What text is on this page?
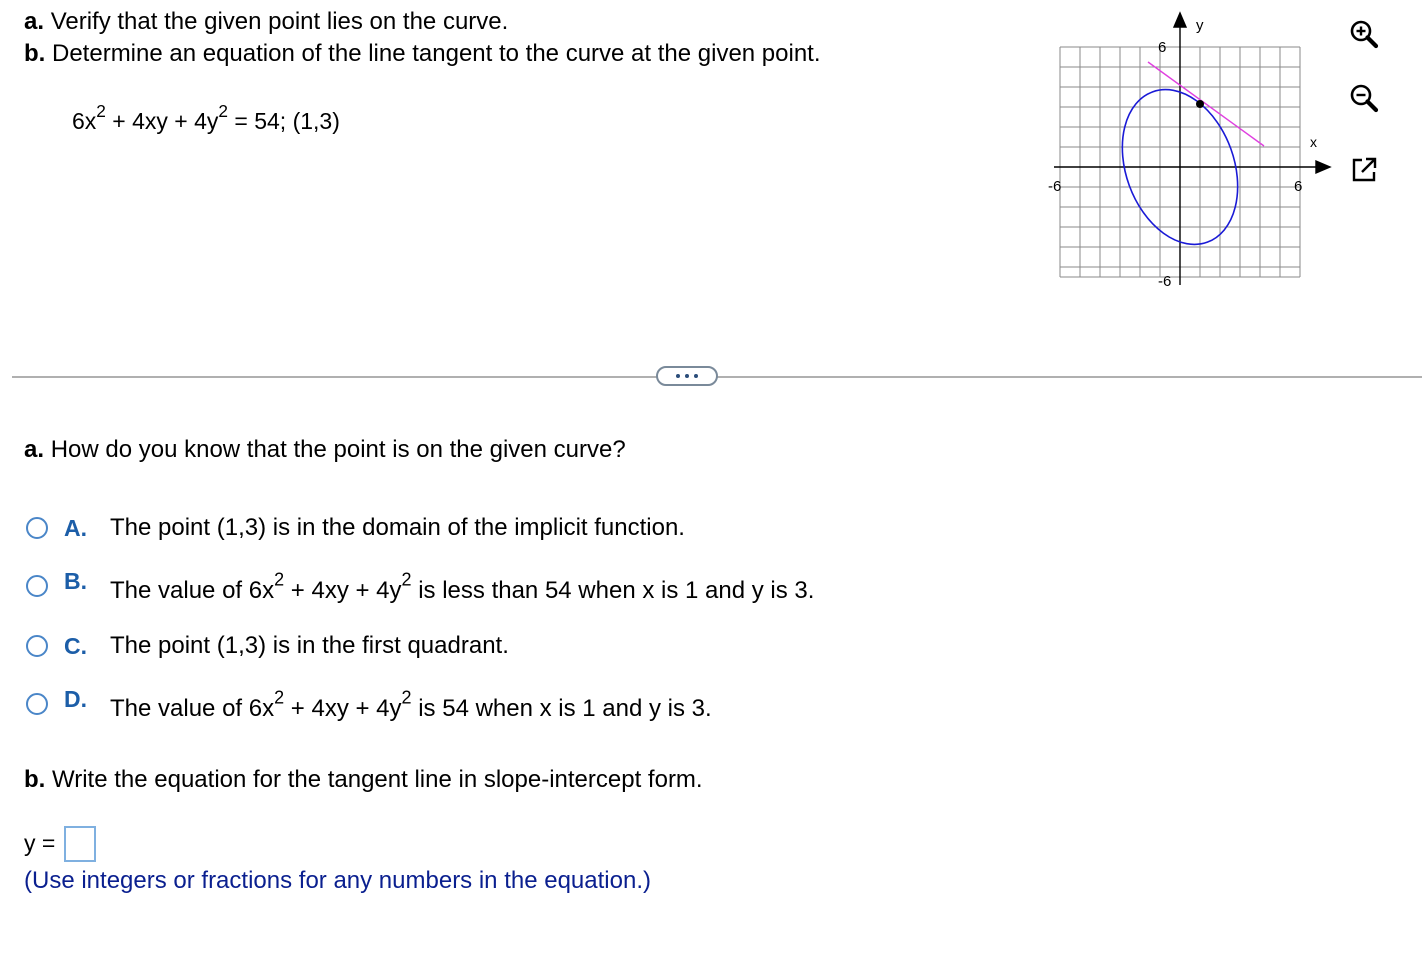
a. Verify that the given point lies on the curve.
b. Determine an equation of the line tangent to the curve at the given point.
$6x^2 + 4xy + 4y^2 = 54$; (1,3)
y
x
6
-6
-6	6
a. How do you know that the point is on the given curve?
A. The point (1,3) is in the domain of the implicit function.
B. The value of $6x^2 + 4xy + 4y^2$ is less than 54 when x is 1 and y is 3.
C. The point (1,3) is in the first quadrant.
D. The value of $6x^2 + 4xy + 4y^2$ is 54 when x is 1 and y is 3.
b. Write the equation for the tangent line in slope-intercept form.
y =
(Use integers or fractions for any numbers in the equation.)
